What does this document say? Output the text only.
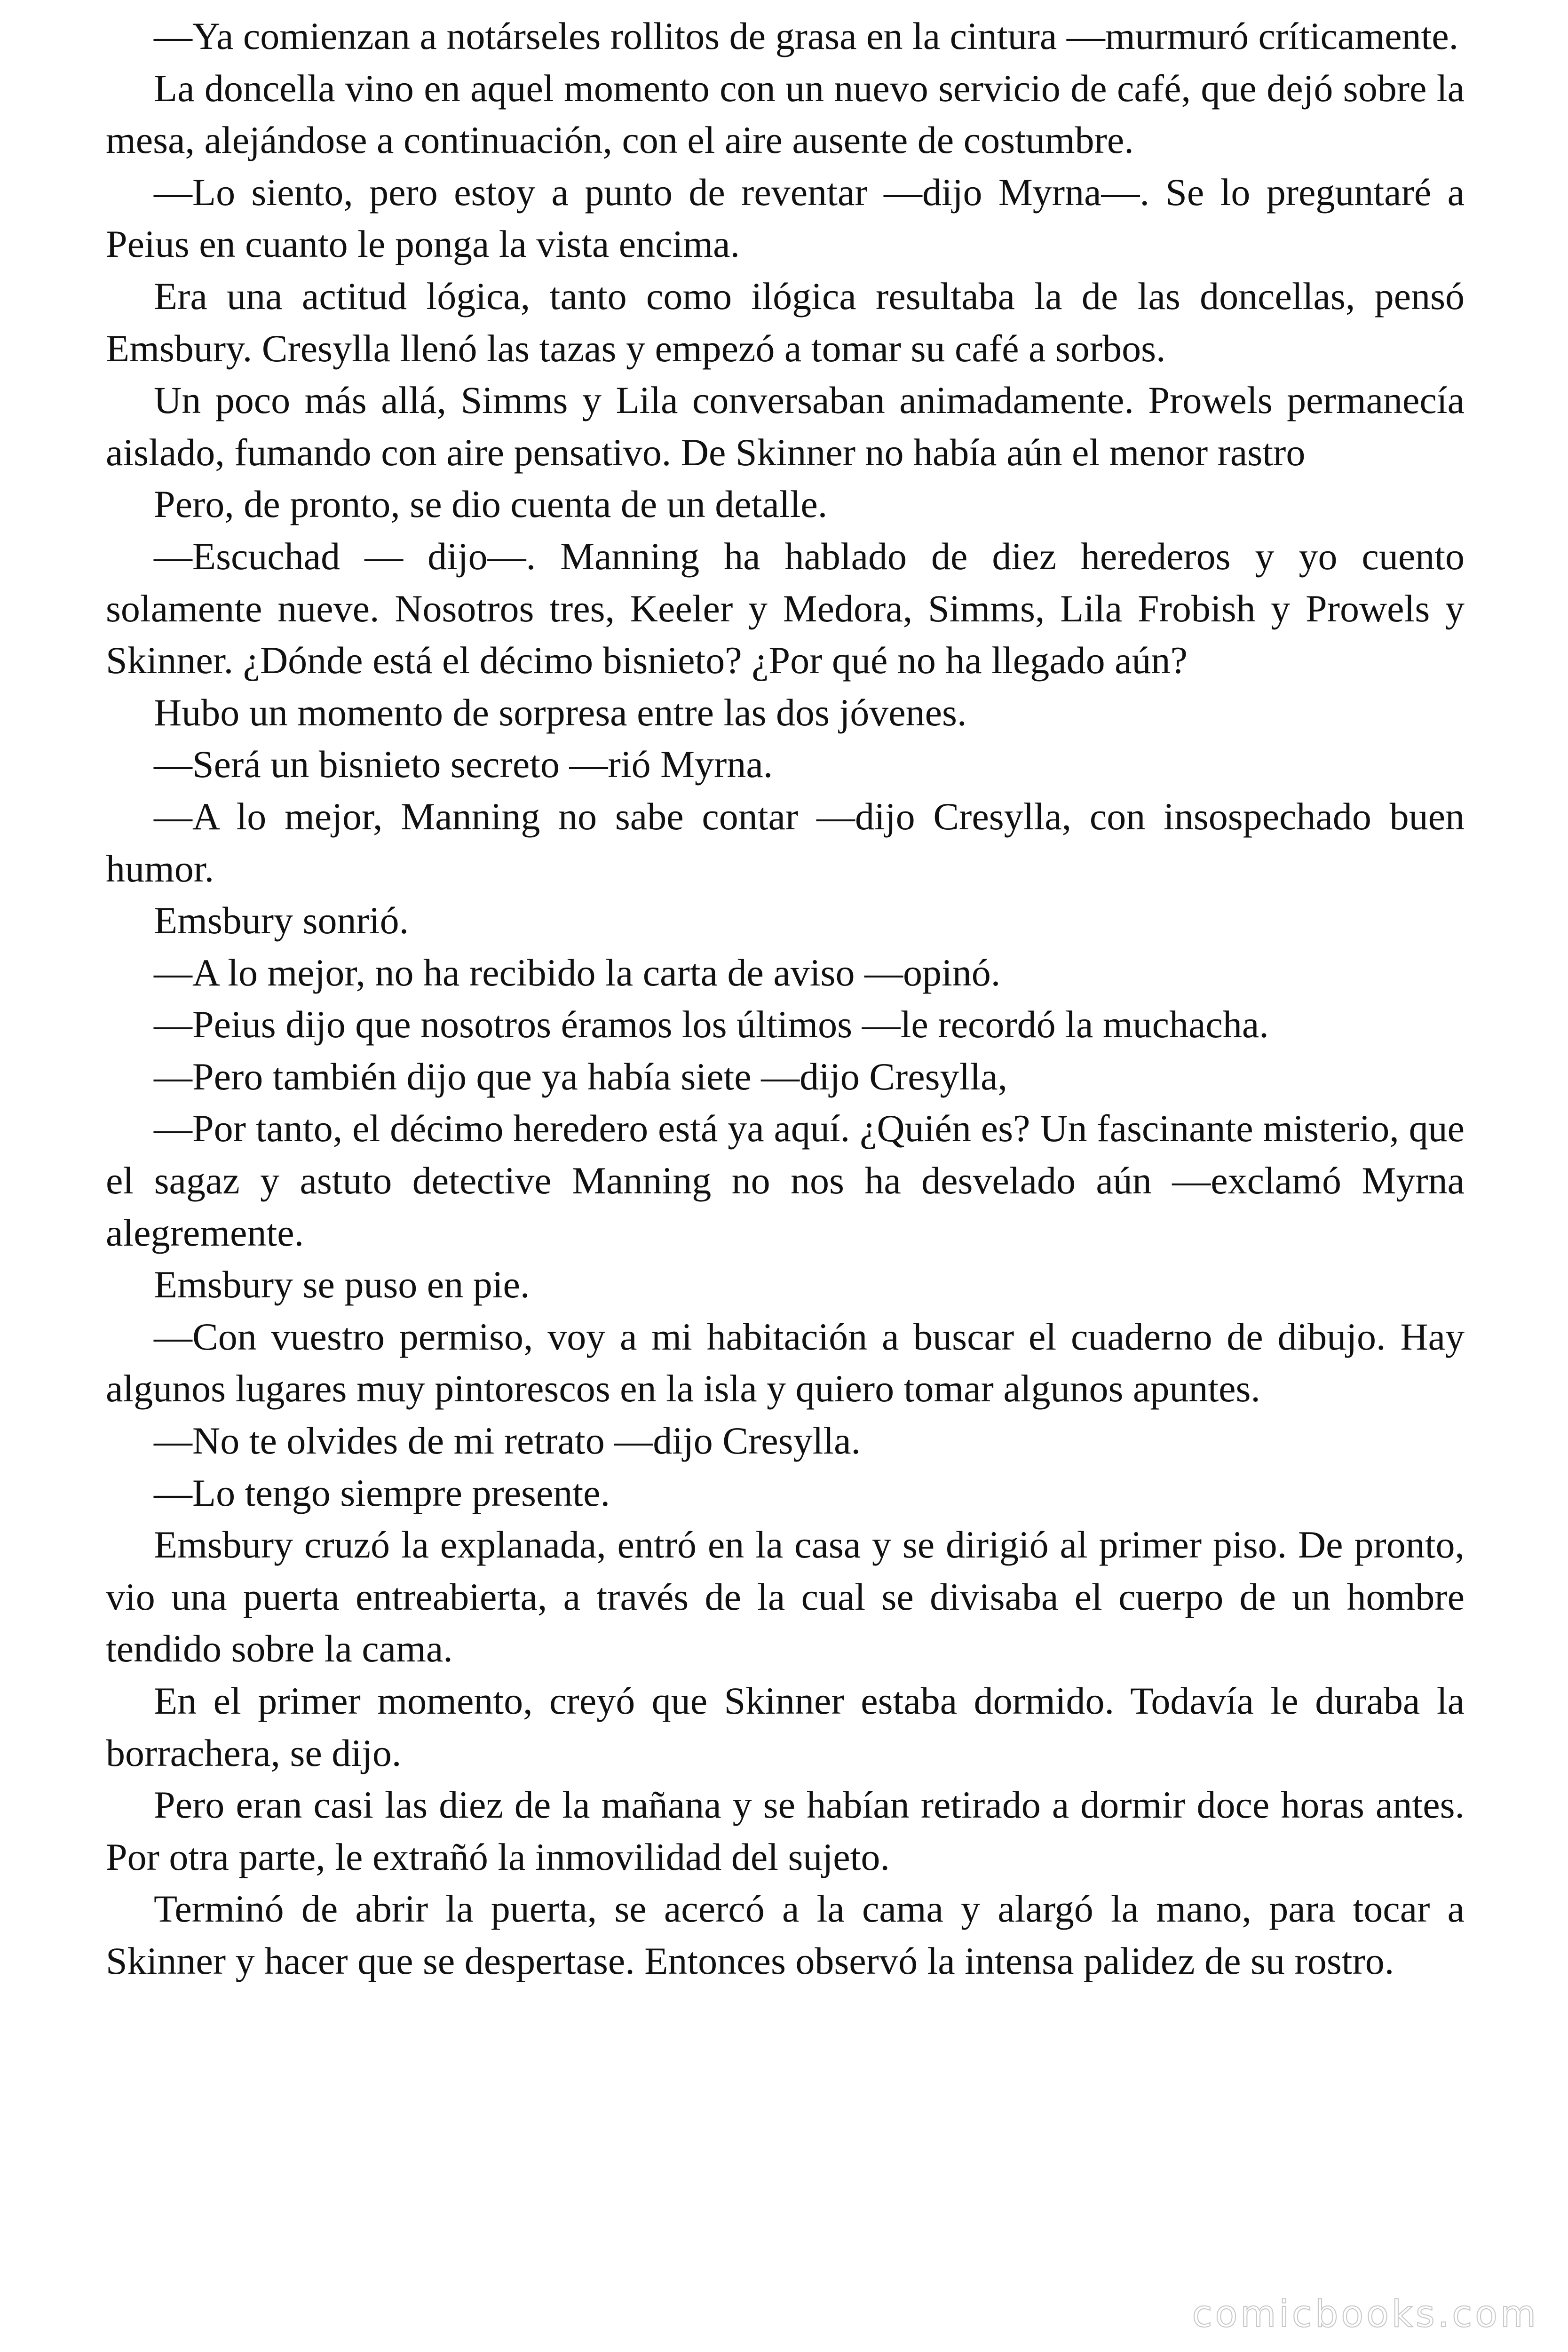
—Ya comienzan a notárseles rollitos de grasa en la cintura —murmuró críticamente.

La doncella vino en aquel momento con un nuevo servicio de café, que dejó sobre la mesa, alejándose a continuación, con el aire ausente de costumbre.

—Lo siento, pero estoy a punto de reventar —dijo Myrna—. Se lo preguntaré a Peius en cuanto le ponga la vista encima.

Era una actitud lógica, tanto como ilógica resultaba la de las doncellas, pensó Emsbury. Cresylla llenó las tazas y empezó a tomar su café a sorbos.

Un poco más allá, Simms y Lila conversaban animadamente. Prowels permanecía aislado, fumando con aire pensativo. De Skinner no había aún el menor rastro

Pero, de pronto, se dio cuenta de un detalle.

—Escuchad — dijo—. Manning ha hablado de diez herederos y yo cuento solamente nueve. Nosotros tres, Keeler y Medora, Simms, Lila Frobish y Prowels y Skinner. ¿Dónde está el décimo bisnieto? ¿Por qué no ha llegado aún?

Hubo un momento de sorpresa entre las dos jóvenes.

—Será un bisnieto secreto —rió Myrna.

—A lo mejor, Manning no sabe contar —dijo Cresylla, con insospechado buen humor.

Emsbury sonrió.

—A lo mejor, no ha recibido la carta de aviso —opinó.

—Peius dijo que nosotros éramos los últimos —le recordó la muchacha.

—Pero también dijo que ya había siete —dijo Cresylla,

—Por tanto, el décimo heredero está ya aquí. ¿Quién es? Un fascinante misterio, que el sagaz y astuto detective Manning no nos ha desvelado aún —exclamó Myrna alegremente.

Emsbury se puso en pie.

—Con vuestro permiso, voy a mi habitación a buscar el cuaderno de dibujo. Hay algunos lugares muy pintorescos en la isla y quiero tomar algunos apuntes.

—No te olvides de mi retrato —dijo Cresylla.

—Lo tengo siempre presente.

Emsbury cruzó la explanada, entró en la casa y se dirigió al primer piso. De pronto, vio una puerta entreabierta, a través de la cual se divisaba el cuerpo de un hombre tendido sobre la cama.

En el primer momento, creyó que Skinner estaba dormido. Todavía le duraba la borrachera, se dijo.

Pero eran casi las diez de la mañana y se habían retirado a dormir doce horas antes. Por otra parte, le extrañó la inmovilidad del sujeto.

Terminó de abrir la puerta, se acercó a la cama y alargó la mano, para tocar a Skinner y hacer que se despertase. Entonces observó la intensa palidez de su rostro.

comicbooks.com
